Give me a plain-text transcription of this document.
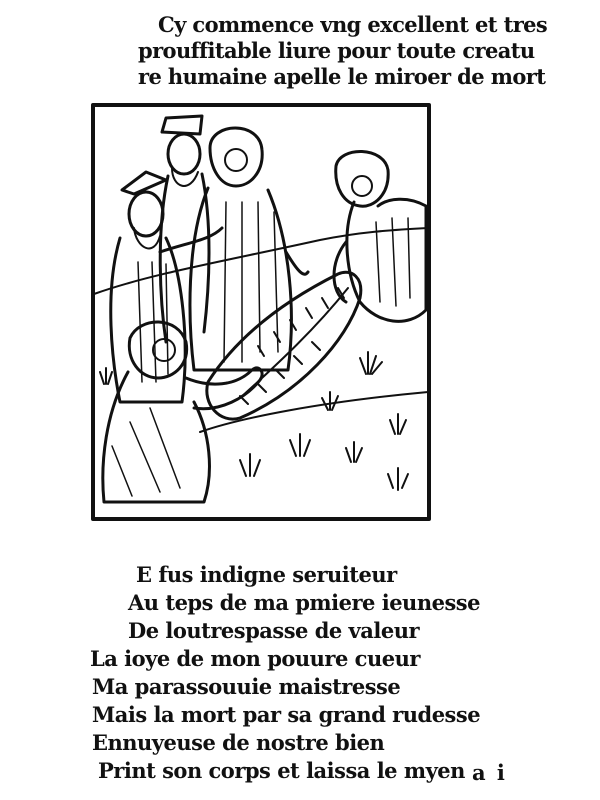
Cy commence vng excellent et tres
prouffitable liure pour toute creatu
re humaine apelle le miroer de mort
E fus indigne seruiteur
Au teps de ma pmiere ieunesse
De loutrespasse de valeur
La ioye de mon pouure cueur
Ma parassouuie maistresse
Mais la mort par sa grand rudesse
Ennuyeuse de nostre bien
Print son corps et laissa le myen a i
